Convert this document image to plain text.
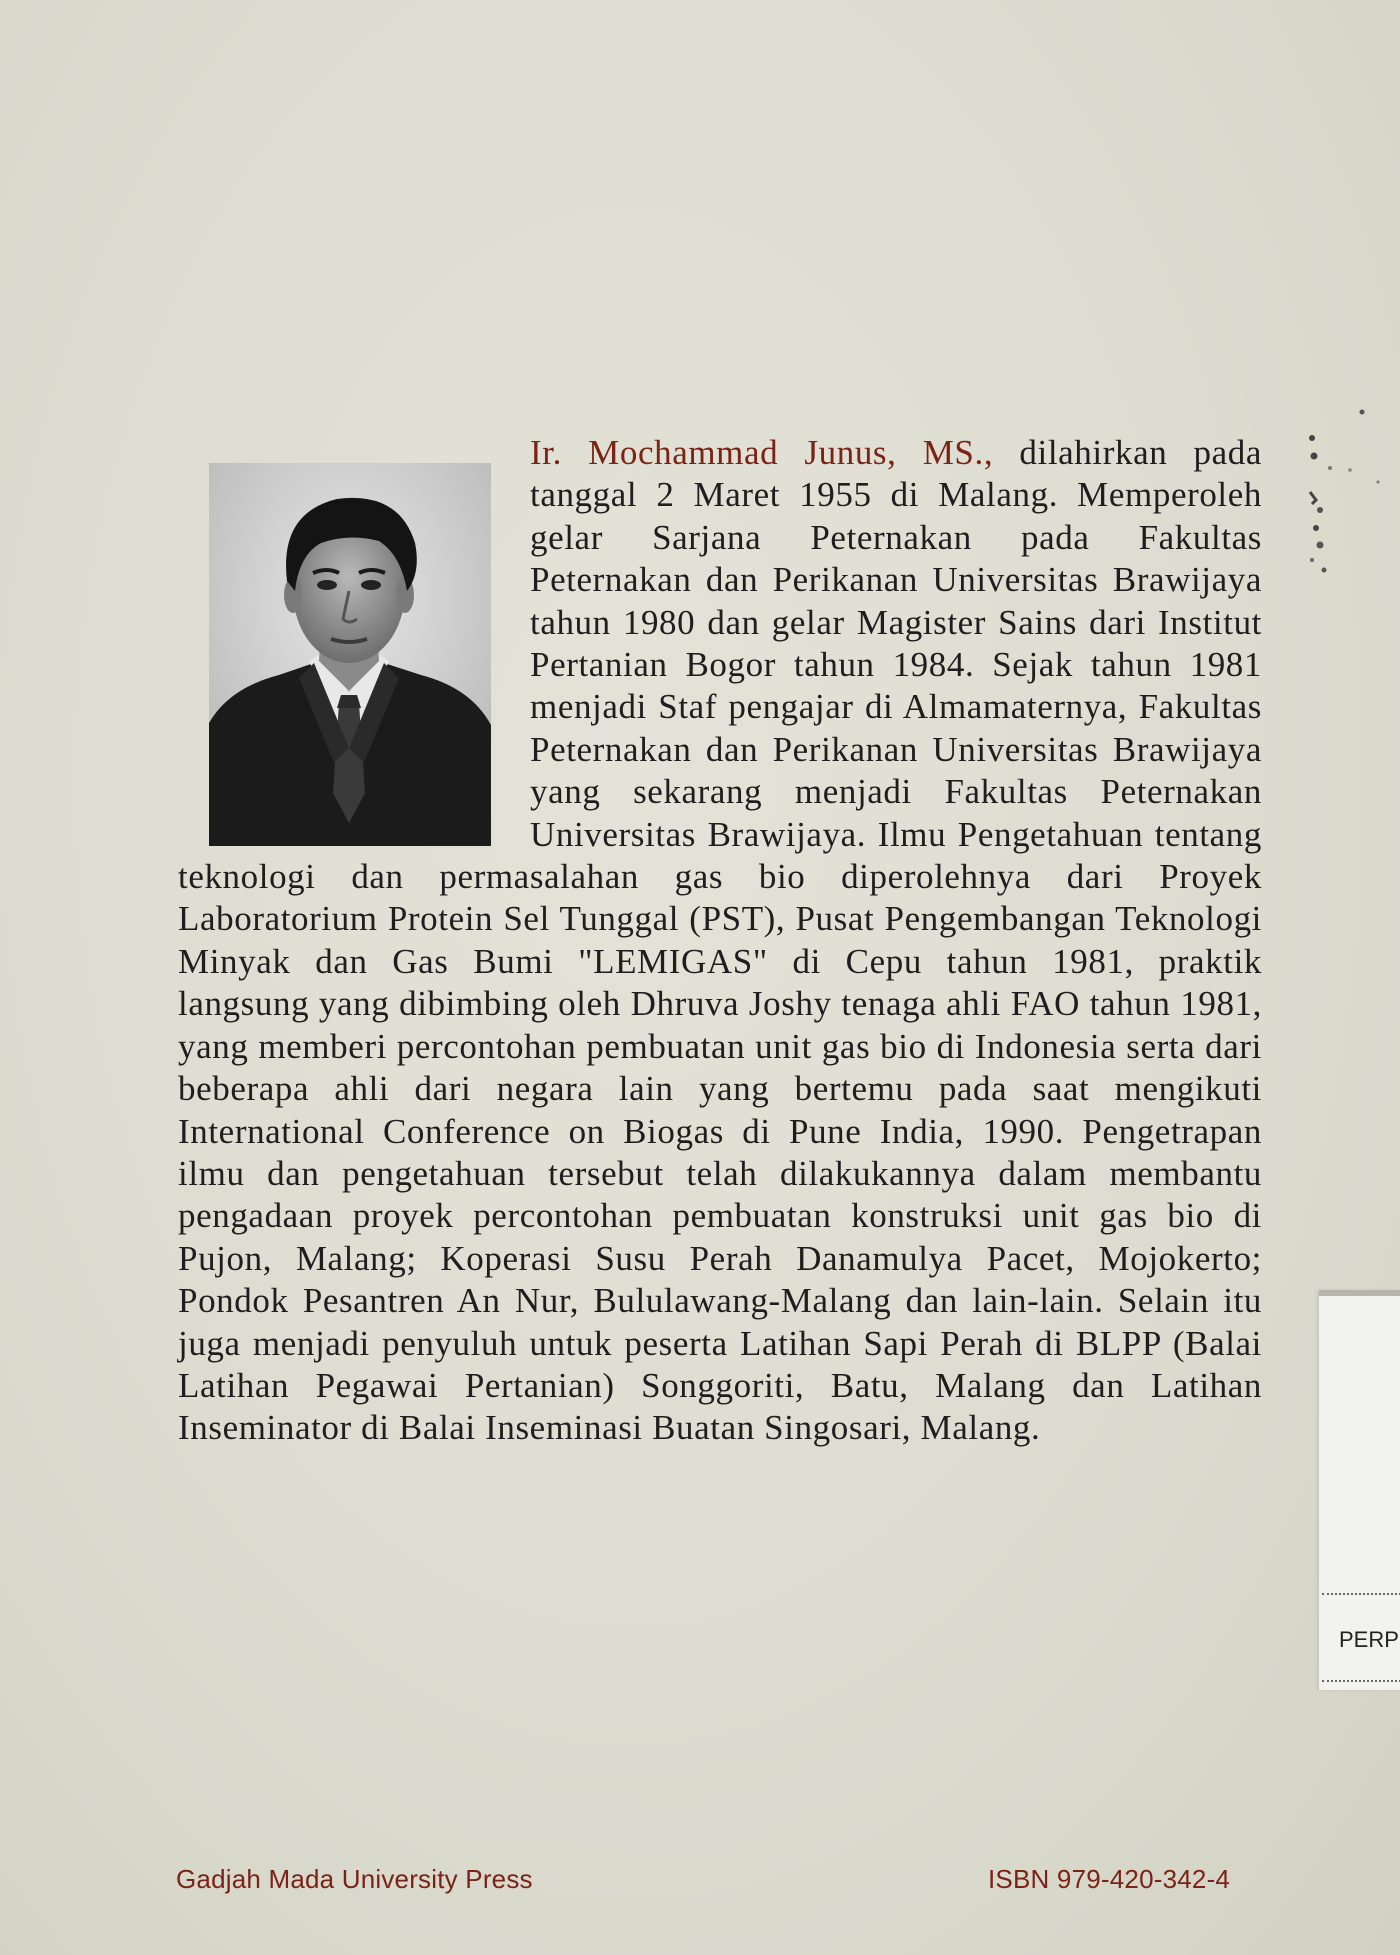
Ir. Mochammad Junus, MS., dilahirkan pada tanggal 2 Maret 1955 di Malang. Memperoleh gelar Sarjana Peternakan pada Fakultas Peternakan dan Perikanan Universitas Brawijaya tahun 1980 dan gelar Magister Sains dari Institut Pertanian Bogor tahun 1984. Sejak tahun 1981 menjadi Staf pengajar di Almamaternya, Fakultas Peternakan dan Perikanan Universitas Brawijaya yang sekarang menjadi Fakultas Peternakan Universitas Brawijaya. Ilmu Pengetahuan tentang teknologi dan permasalahan gas bio diperolehnya dari Proyek Laboratorium Protein Sel Tunggal (PST), Pusat Pengembangan Teknologi Minyak dan Gas Bumi "LEMIGAS" di Cepu tahun 1981, praktik langsung yang dibimbing oleh Dhruva Joshy tenaga ahli FAO tahun 1981, yang memberi percontohan pembuatan unit gas bio di Indonesia serta dari beberapa ahli dari negara lain yang bertemu pada saat mengikuti International Conference on Biogas di Pune India, 1990. Pengetrapan ilmu dan pengetahuan tersebut telah dilakukannya dalam membantu pengadaan proyek percontohan pembuatan konstruksi unit gas bio di Pujon, Malang; Koperasi Susu Perah Danamulya Pacet, Mojokerto; Pondok Pesantren An Nur, Bululawang-Malang dan lain-lain. Selain itu juga menjadi penyuluh untuk peserta Latihan Sapi Perah di BLPP (Balai Latihan Pegawai Pertanian) Songgoriti, Batu, Malang dan Latihan Inseminator di Balai Inseminasi Buatan Singosari, Malang.

Gadjah Mada University Press	ISBN 979-420-342-4
PERP
